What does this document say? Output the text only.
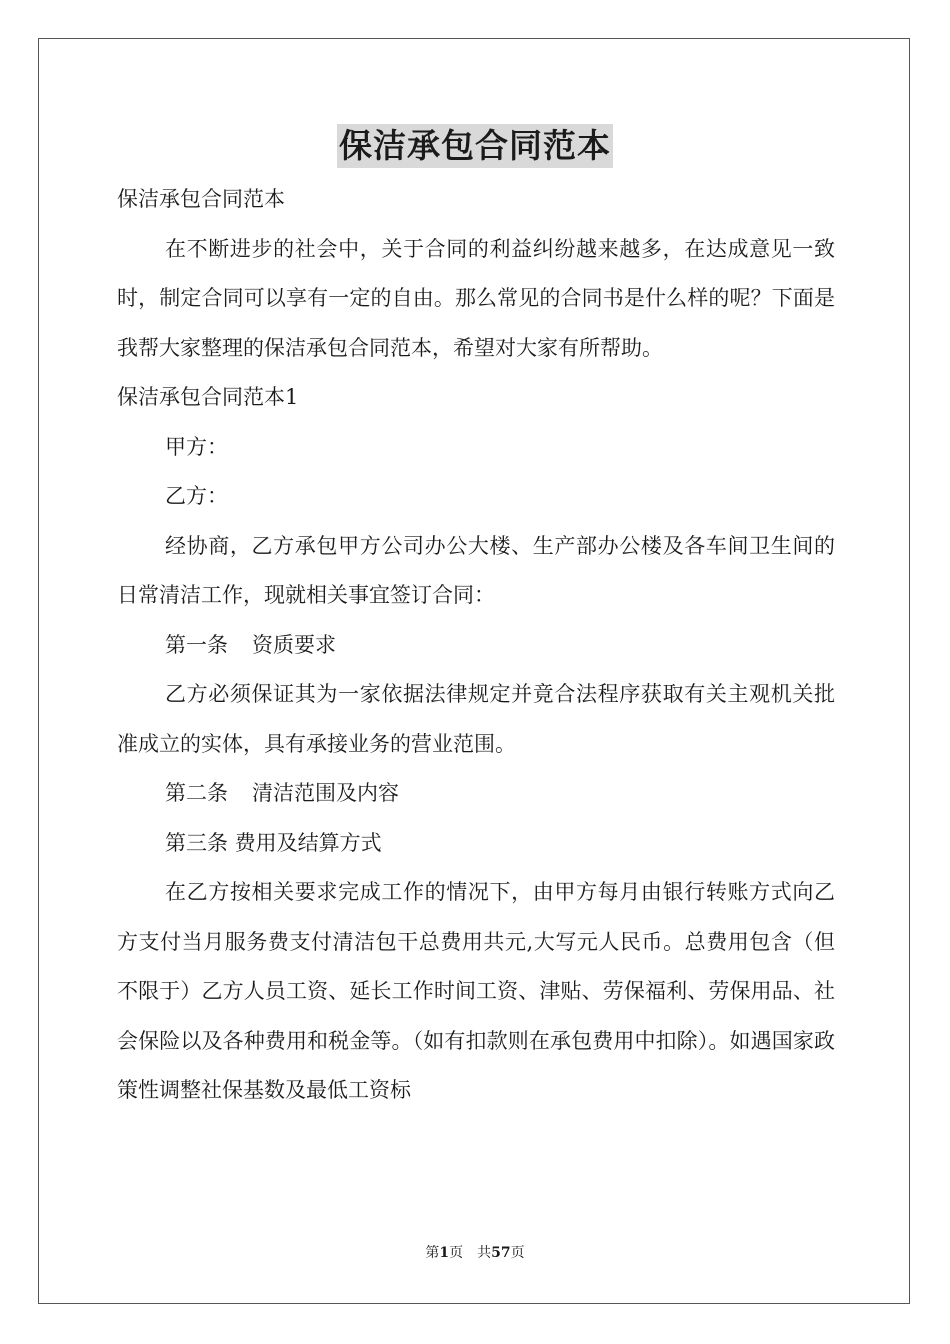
保洁承包合同范本

保洁承包合同范本

在不断进步的社会中，关于合同的利益纠纷越来越多，在达成意见一致时，制定合同可以享有一定的自由。那么常见的合同书是什么样的呢？下面是我帮大家整理的保洁承包合同范本，希望对大家有所帮助。

保洁承包合同范本1

甲方：

乙方：

经协商，乙方承包甲方公司办公大楼、生产部办公楼及各车间卫生间的日常清洁工作，现就相关事宜签订合同：

第一条 资质要求

乙方必须保证其为一家依据法律规定并竟合法程序获取有关主观机关批准成立的实体，具有承接业务的营业范围。

第二条 清洁范围及内容

第三条 费用及结算方式

在乙方按相关要求完成工作的情况下，由甲方每月由银行转账方式向乙方支付当月服务费支付清洁包干总费用共元,大写元人民币。总费用包含（但不限于）乙方人员工资、延长工作时间工资、津贴、劳保福利、劳保用品、社会保险以及各种费用和税金等。（如有扣款则在承包费用中扣除）。如遇国家政策性调整社保基数及最低工资标

第1页 共57页
